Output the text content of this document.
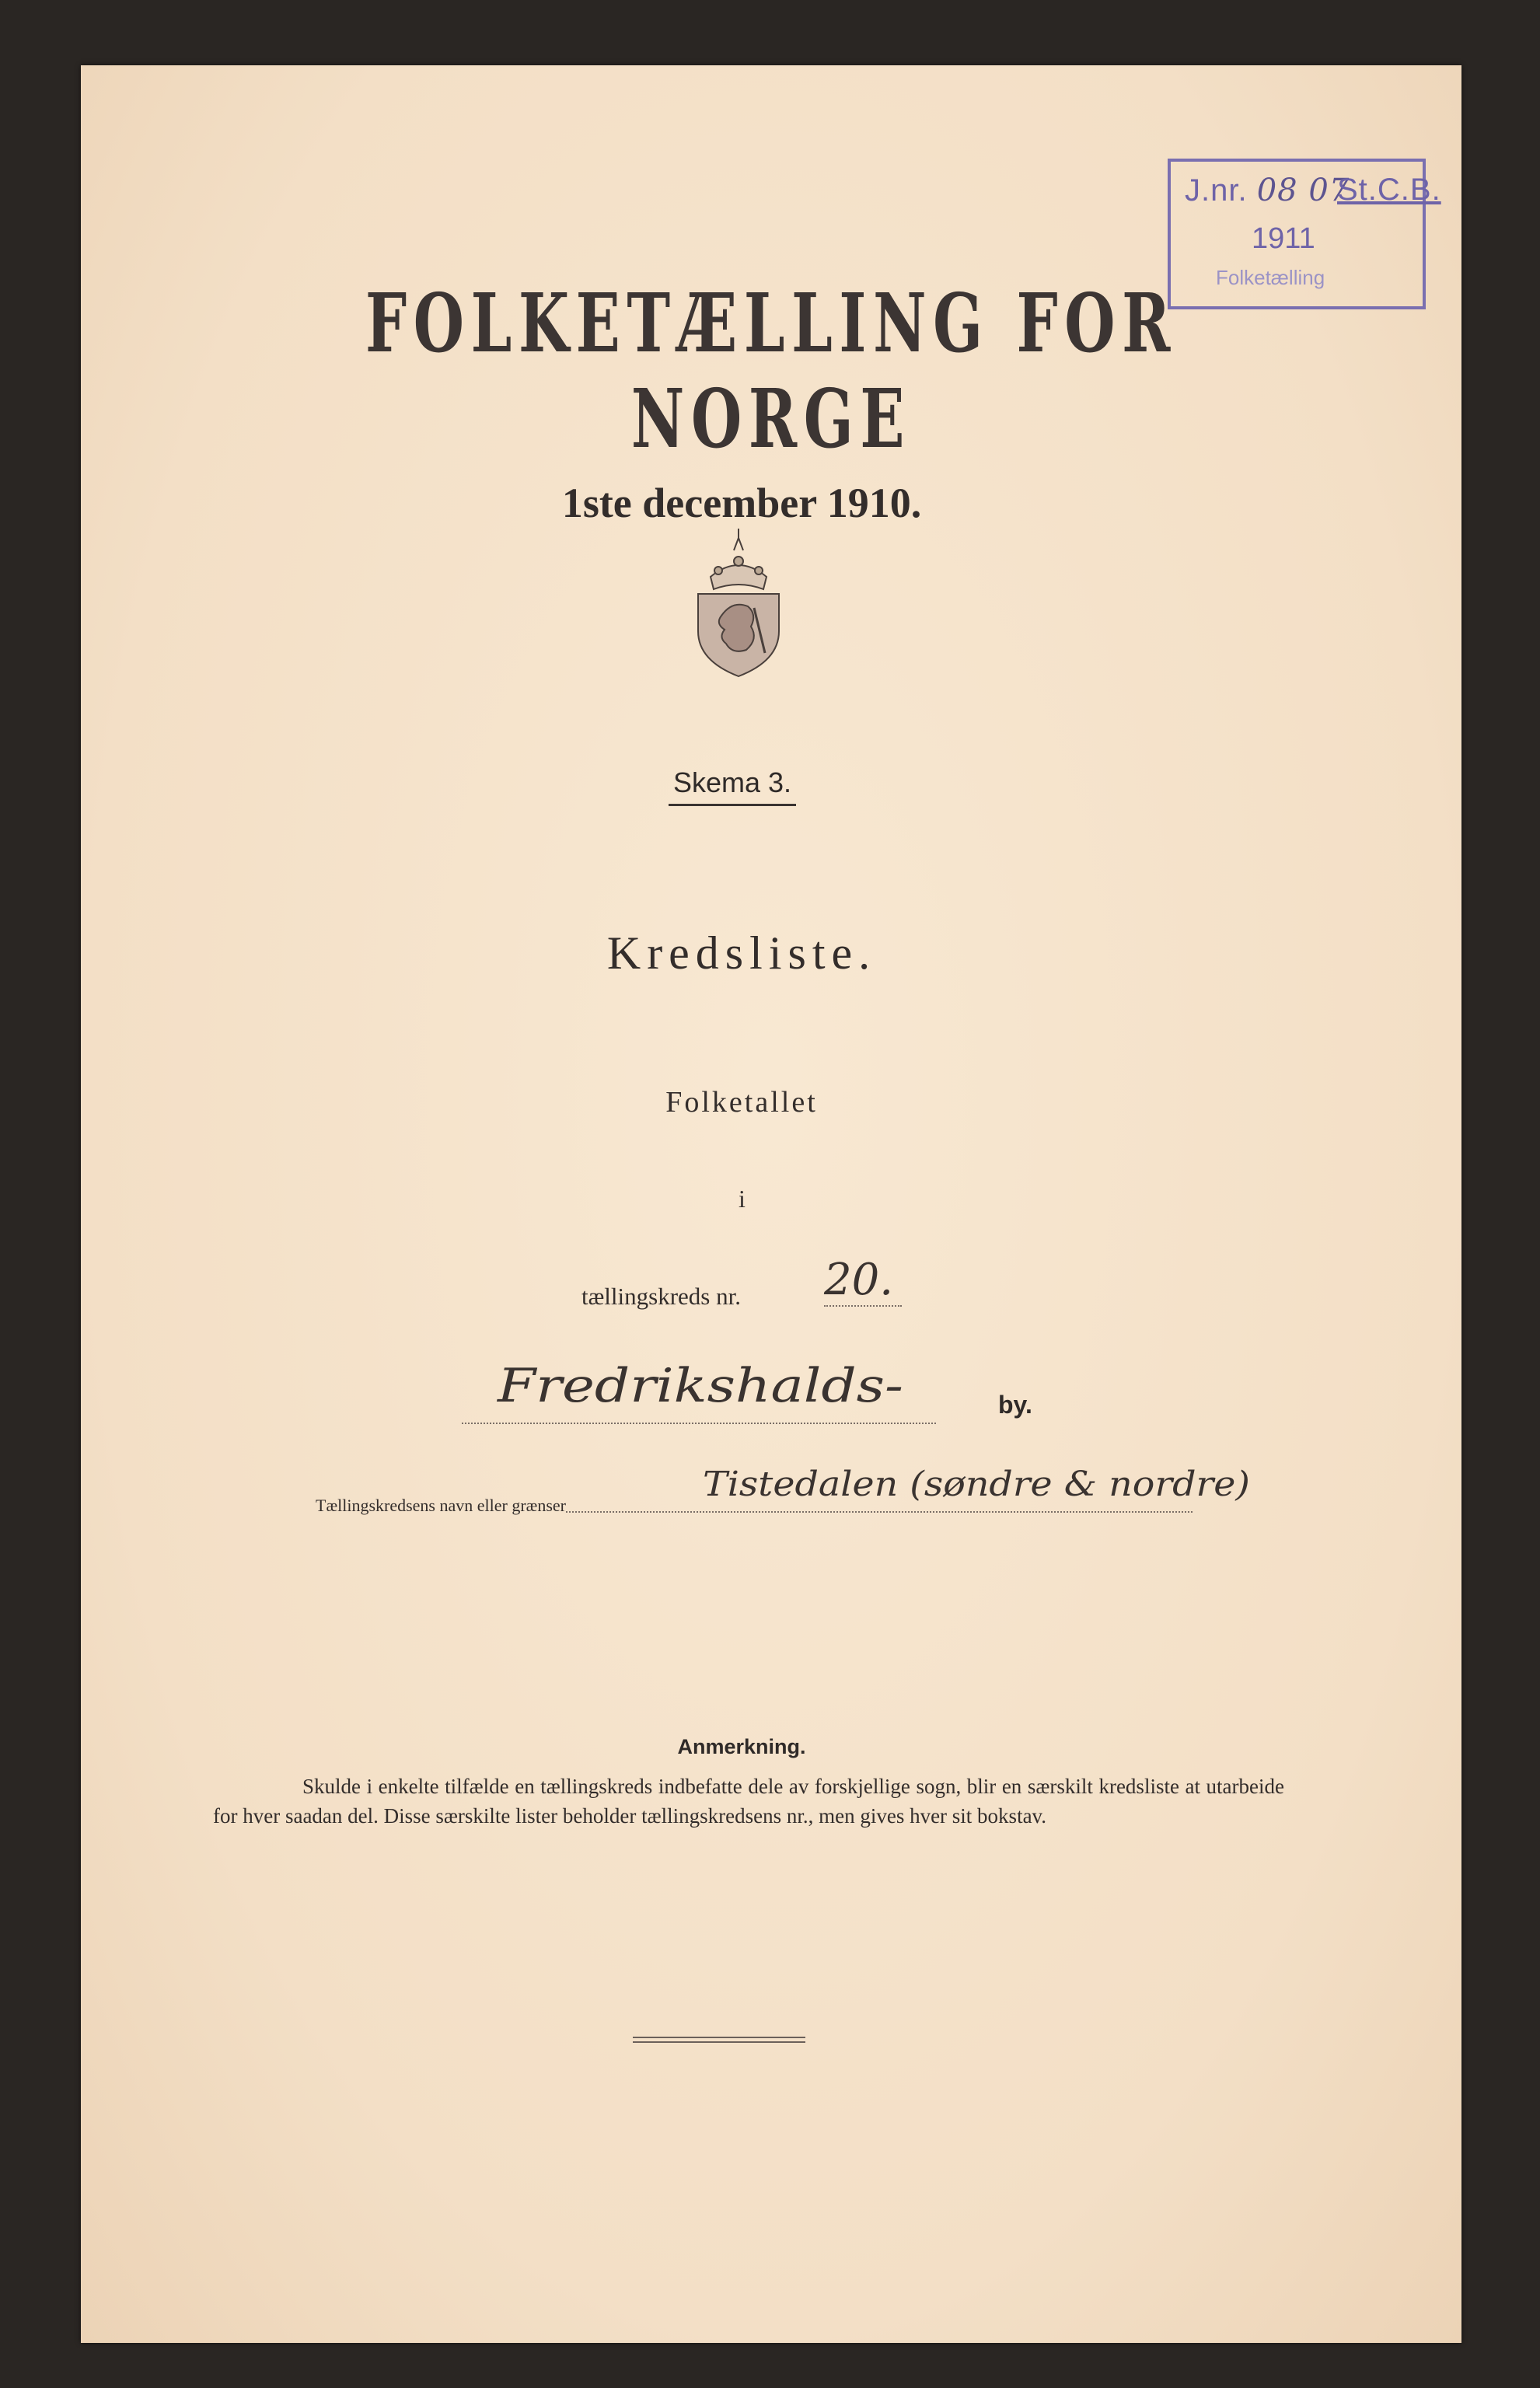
J.nr. 08 07
St.C.B.
1911
Folketælling
FOLKETÆLLING FOR NORGE
1ste december 1910.
Skema 3.
Kredsliste.
Folketallet
i
tællingskreds nr. 20.
Fredrikshalds-	by.
Tællingskredsens navn eller grænser
Tistedalen (søndre & nordre)
Anmerkning.
Skulde i enkelte tilfælde en tællingskreds indbefatte dele av forskjellige sogn, blir en særskilt kredsliste at utarbeide for hver saadan del. Disse særskilte lister beholder tællingskredsens nr., men gives hver sit bokstav.
